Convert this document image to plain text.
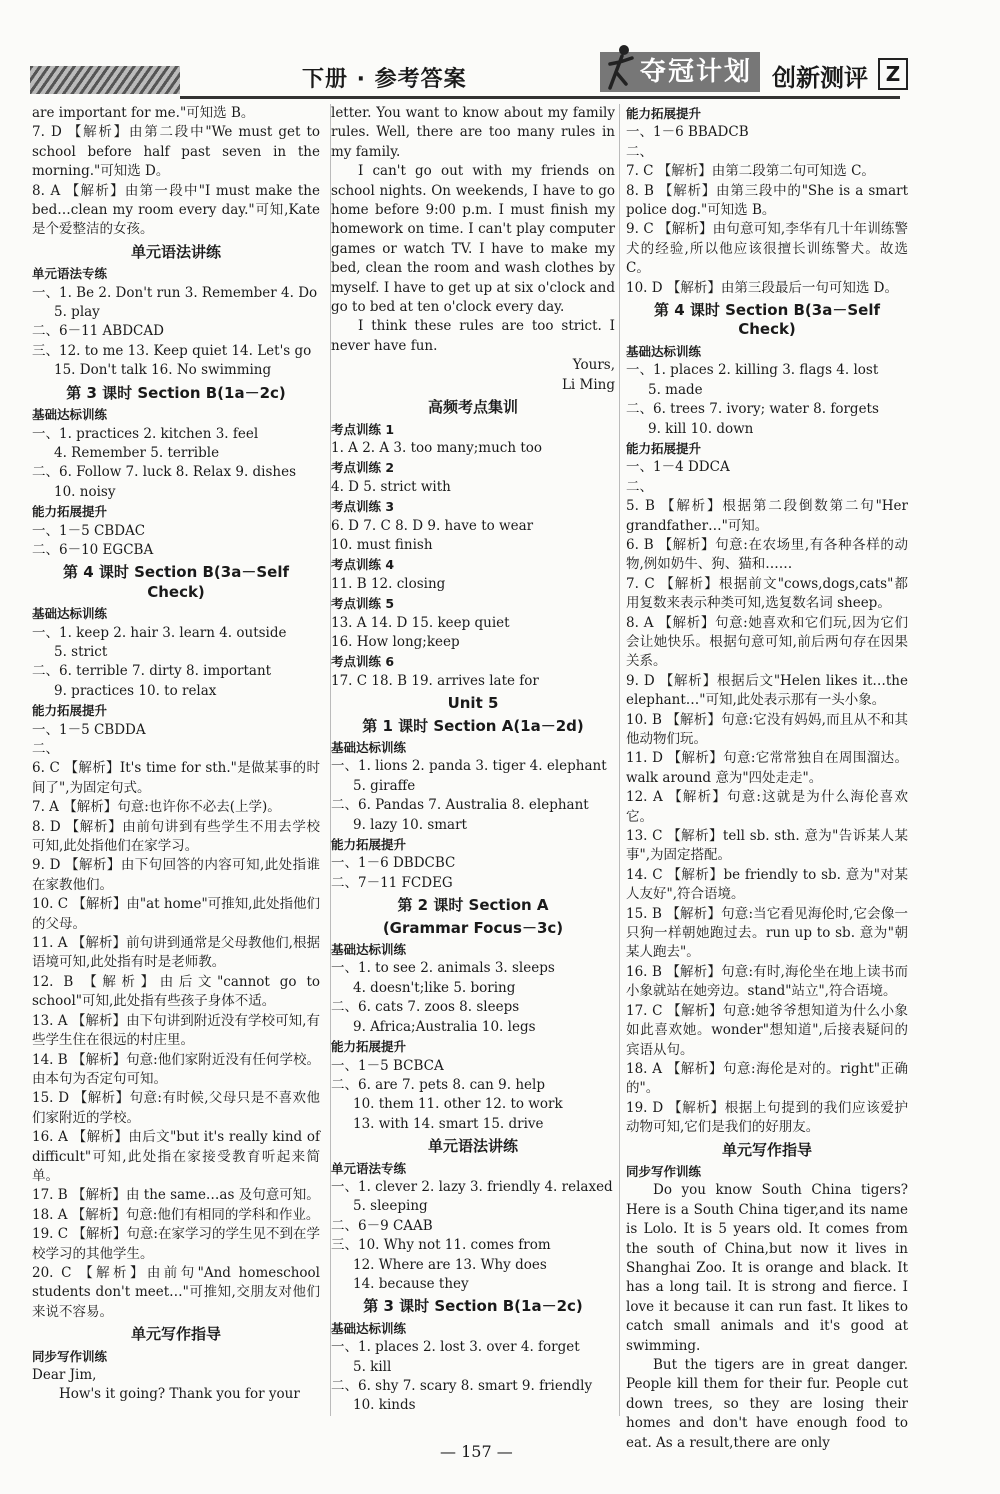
下册 · 参考答案	夺冠计划 创新测评 Z
are important for me."可知选 B。
7. D 【解析】由第二段中"We must get to school before half past seven in the morning."可知选 D。
8. A 【解析】由第一段中"I must make the bed…clean my room every day."可知,Kate 是个爱整洁的女孩。
单元语法讲练
单元语法专练
一、1. Be 2. Don't run 3. Remember 4. Do
5. play
二、6－11 ABDCAD
三、12. to me 13. Keep quiet 14. Let's go
15. Don't talk 16. No swimming
第 3 课时 Section B(1a－2c)
基础达标训练
一、1. practices 2. kitchen 3. feel
4. Remember 5. terrible
二、6. Follow 7. luck 8. Relax 9. dishes
10. noisy
能力拓展提升
一、1－5 CBDAC
二、6－10 EGCBA
第 4 课时 Section B(3a－Self Check)
基础达标训练
一、1. keep 2. hair 3. learn 4. outside
5. strict
二、6. terrible 7. dirty 8. important
9. practices 10. to relax
能力拓展提升
一、1－5 CBDDA
二、
6. C 【解析】It's time for sth."是做某事的时间了",为固定句式。
7. A 【解析】句意:也许你不必去(上学)。
8. D 【解析】由前句讲到有些学生不用去学校可知,此处指他们在家学习。
9. D 【解析】由下句回答的内容可知,此处指谁在家教他们。
10. C 【解析】由"at home"可推知,此处指他们的父母。
11. A 【解析】前句讲到通常是父母教他们,根据语境可知,此处指有时是老师教。
12. B 【解析】由后文"cannot go to school"可知,此处指有些孩子身体不适。
13. A 【解析】由下句讲到附近没有学校可知,有些学生住在很远的村庄里。
14. B 【解析】句意:他们家附近没有任何学校。由本句为否定句可知。
15. D 【解析】句意:有时候,父母只是不喜欢他们家附近的学校。
16. A 【解析】由后文"but it's really kind of difficult"可知,此处指在家接受教育听起来简单。
17. B 【解析】由 the same…as 及句意可知。
18. A 【解析】句意:他们有相同的学科和作业。
19. C 【解析】句意:在家学习的学生见不到在学校学习的其他学生。
20. C 【解析】由前句"And homeschool students don't meet…"可推知,交朋友对他们来说不容易。
单元写作指导
同步写作训练
Dear Jim,
How's it going? Thank you for your
letter. You want to know about my family rules. Well, there are too many rules in my family.
I can't go out with my friends on school nights. On weekends, I have to go home before 9:00 p.m. I must finish my homework on time. I can't play computer games or watch TV. I have to make my bed, clean the room and wash clothes by myself. I have to get up at six o'clock and go to bed at ten o'clock every day.
I think these rules are too strict. I never have fun.
Yours,
Li Ming
高频考点集训
考点训练 1
1. A 2. A 3. too many;much too
考点训练 2
4. D 5. strict with
考点训练 3
6. D 7. C 8. D 9. have to wear
10. must finish
考点训练 4
11. B 12. closing
考点训练 5
13. A 14. D 15. keep quiet
16. How long;keep
考点训练 6
17. C 18. B 19. arrives late for
Unit 5
第 1 课时 Section A(1a－2d)
基础达标训练
一、1. lions 2. panda 3. tiger 4. elephant
5. giraffe
二、6. Pandas 7. Australia 8. elephant
9. lazy 10. smart
能力拓展提升
一、1－6 DBDCBC
二、7－11 FCDEG
第 2 课时 Section A
(Grammar Focus－3c)
基础达标训练
一、1. to see 2. animals 3. sleeps
4. doesn't;like 5. boring
二、6. cats 7. zoos 8. sleeps
9. Africa;Australia 10. legs
能力拓展提升
一、1－5 BCBCA
二、6. are 7. pets 8. can 9. help
10. them 11. other 12. to work
13. with 14. smart 15. drive
单元语法讲练
单元语法专练
一、1. clever 2. lazy 3. friendly 4. relaxed
5. sleeping
二、6－9 CAAB
三、10. Why not 11. comes from
12. Where are 13. Why does
14. because they
第 3 课时 Section B(1a－2c)
基础达标训练
一、1. places 2. lost 3. over 4. forget
5. kill
二、6. shy 7. scary 8. smart 9. friendly
10. kinds
能力拓展提升
一、1－6 BBADCB
二、
7. C 【解析】由第二段第二句可知选 C。
8. B 【解析】由第三段中的"She is a smart police dog."可知选 B。
9. C 【解析】由句意可知,李华有几十年训练警犬的经验,所以他应该很擅长训练警犬。故选 C。
10. D 【解析】由第三段最后一句可知选 D。
第 4 课时 Section B(3a－Self Check)
基础达标训练
一、1. places 2. killing 3. flags 4. lost
5. made
二、6. trees 7. ivory; water 8. forgets
9. kill 10. down
能力拓展提升
一、1－4 DDCA
二、
5. B 【解析】根据第二段倒数第二句"Her grandfather…"可知。
6. B 【解析】句意:在农场里,有各种各样的动物,例如奶牛、狗、猫和……
7. C 【解析】根据前文"cows,dogs,cats"都用复数来表示种类可知,选复数名词 sheep。
8. A 【解析】句意:她喜欢和它们玩,因为它们会让她快乐。根据句意可知,前后两句存在因果关系。
9. D 【解析】根据后文"Helen likes it…the elephant…"可知,此处表示那有一头小象。
10. B 【解析】句意:它没有妈妈,而且从不和其他动物们玩。
11. D 【解析】句意:它常常独自在周围溜达。walk around 意为"四处走走"。
12. A 【解析】句意:这就是为什么海伦喜欢它。
13. C 【解析】tell sb. sth. 意为"告诉某人某事",为固定搭配。
14. C 【解析】be friendly to sb. 意为"对某人友好",符合语境。
15. B 【解析】句意:当它看见海伦时,它会像一只狗一样朝她跑过去。run up to sb. 意为"朝某人跑去"。
16. B 【解析】句意:有时,海伦坐在地上读书而小象就站在她旁边。stand"站立",符合语境。
17. C 【解析】句意:她爷爷想知道为什么小象如此喜欢她。wonder"想知道",后接表疑问的宾语从句。
18. A 【解析】句意:海伦是对的。right"正确的"。
19. D 【解析】根据上句提到的我们应该爱护动物可知,它们是我们的好朋友。
单元写作指导
同步写作训练
Do you know South China tigers? Here is a South China tiger,and its name is Lolo. It is 5 years old. It comes from the south of China,but now it lives in Shanghai Zoo. It is orange and black. It has a long tail. It is strong and fierce. I love it because it can run fast. It likes to catch small animals and it's good at swimming.
But the tigers are in great danger. People kill them for their fur. People cut down trees, so they are losing their homes and don't have enough food to eat. As a result,there are only
— 157 —
